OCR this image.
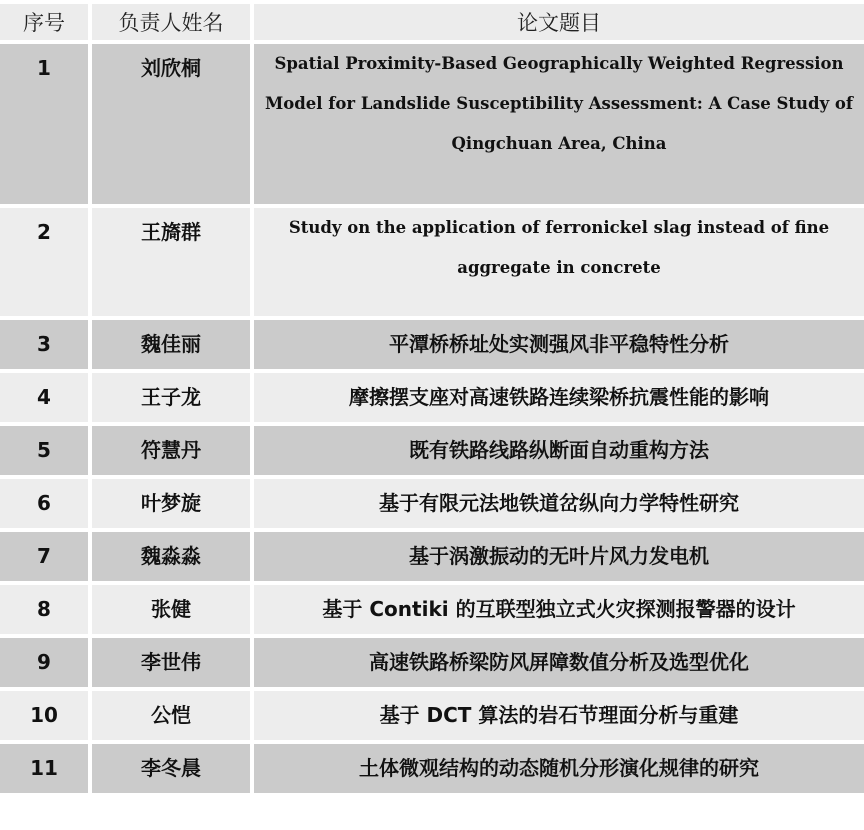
序号	负责人姓名	论文题目
1	刘欣桐	Spatial Proximity-Based Geographically Weighted Regression Model for Landslide Susceptibility Assessment: A Case Study of Qingchuan Area, China
2	王旖群	Study on the application of ferronickel slag instead of fine aggregate in concrete
3	魏佳丽	平潭桥桥址处实测强风非平稳特性分析
4	王子龙	摩擦摆支座对高速铁路连续梁桥抗震性能的影响
5	符慧丹	既有铁路线路纵断面自动重构方法
6	叶梦旋	基于有限元法地铁道岔纵向力学特性研究
7	魏淼淼	基于涡激振动的无叶片风力发电机
8	张健	基于 Contiki 的互联型独立式火灾探测报警器的设计
9	李世伟	高速铁路桥梁防风屏障数值分析及选型优化
10	公恺	基于 DCT 算法的岩石节理面分析与重建
11	李冬晨	土体微观结构的动态随机分形演化规律的研究
